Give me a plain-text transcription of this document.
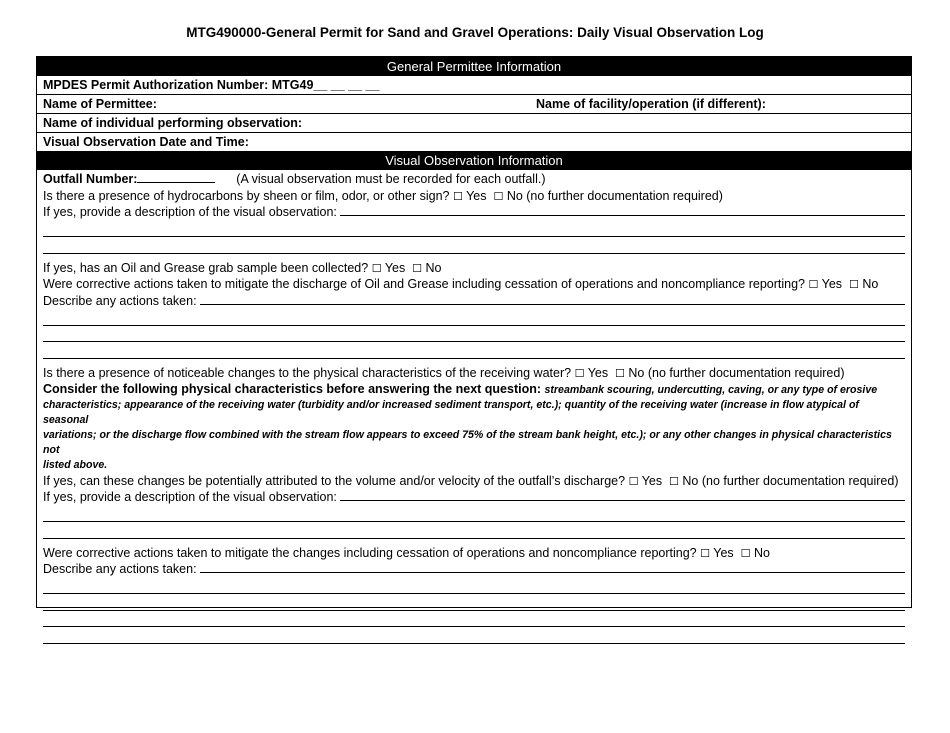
MTG490000-General Permit for Sand and Gravel Operations: Daily Visual Observation Log
General Permittee Information
MPDES Permit Authorization Number: MTG49__ __ __ __
Name of Permittee:	Name of facility/operation (if different):
Name of individual performing observation:
Visual Observation Date and Time:
Visual Observation Information
Outfall Number:	(A visual observation must be recorded for each outfall.)
Is there a presence of hydrocarbons by sheen or film, odor, or other sign? ☐ Yes ☐ No (no further documentation required)
If yes, provide a description of the visual observation:
If yes, has an Oil and Grease grab sample been collected? ☐ Yes ☐ No
Were corrective actions taken to mitigate the discharge of Oil and Grease including cessation of operations and noncompliance reporting? ☐ Yes ☐ No
Describe any actions taken:
Is there a presence of noticeable changes to the physical characteristics of the receiving water? ☐ Yes ☐ No (no further documentation required)
Consider the following physical characteristics before answering the next question: streambank scouring, undercutting, caving, or any type of erosive
characteristics; appearance of the receiving water (turbidity and/or increased sediment transport, etc.); quantity of the receiving water (increase in flow atypical of seasonal
variations; or the discharge flow combined with the stream flow appears to exceed 75% of the stream bank height, etc.); or any other changes in physical characteristics not
listed above.
If yes, can these changes be potentially attributed to the volume and/or velocity of the outfall’s discharge? ☐ Yes ☐ No (no further documentation required)
If yes, provide a description of the visual observation:
Were corrective actions taken to mitigate the changes including cessation of operations and noncompliance reporting? ☐ Yes ☐ No
Describe any actions taken:
